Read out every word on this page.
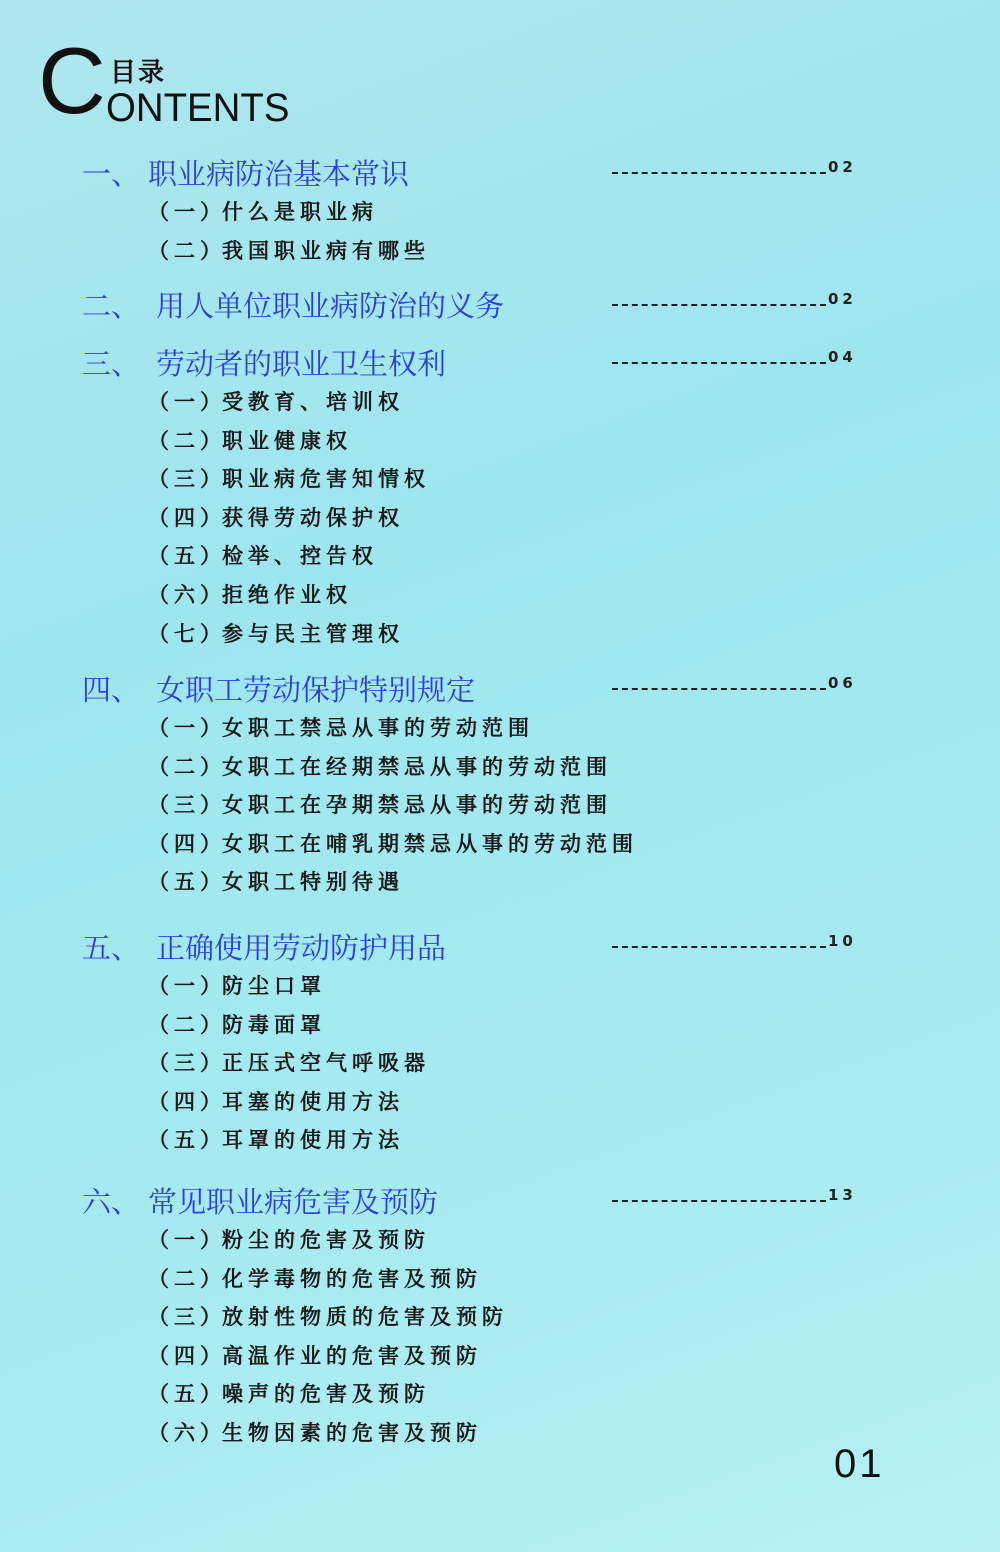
C 目录
ONTENTS
一、 职业病防治基本常识	02
（一）
什么是职业病
（二）
我国职业病有哪些
二、 用人单位职业病防治的义务	02
三、 劳动者的职业卫生权利	04
（一）
受教育、培训权
（二）
职业健康权
（三）
职业病危害知情权
（四）
获得劳动保护权
（五）
检举、控告权
（六）
拒绝作业权
（七）
参与民主管理权
四、 女职工劳动保护特别规定	06
（一）
女职工禁忌从事的劳动范围
（二）
女职工在经期禁忌从事的劳动范围
（三）
女职工在孕期禁忌从事的劳动范围
（四）
女职工在哺乳期禁忌从事的劳动范围
（五）
女职工特别待遇
五、 正确使用劳动防护用品	10
（一）
防尘口罩
（二）
防毒面罩
（三）
正压式空气呼吸器
（四）
耳塞的使用方法
（五）
耳罩的使用方法
六、 常见职业病危害及预防	13
（一）
粉尘的危害及预防
（二）
化学毒物的危害及预防
（三）
放射性物质的危害及预防
（四）
高温作业的危害及预防
（五）
噪声的危害及预防
（六）
生物因素的危害及预防
01
